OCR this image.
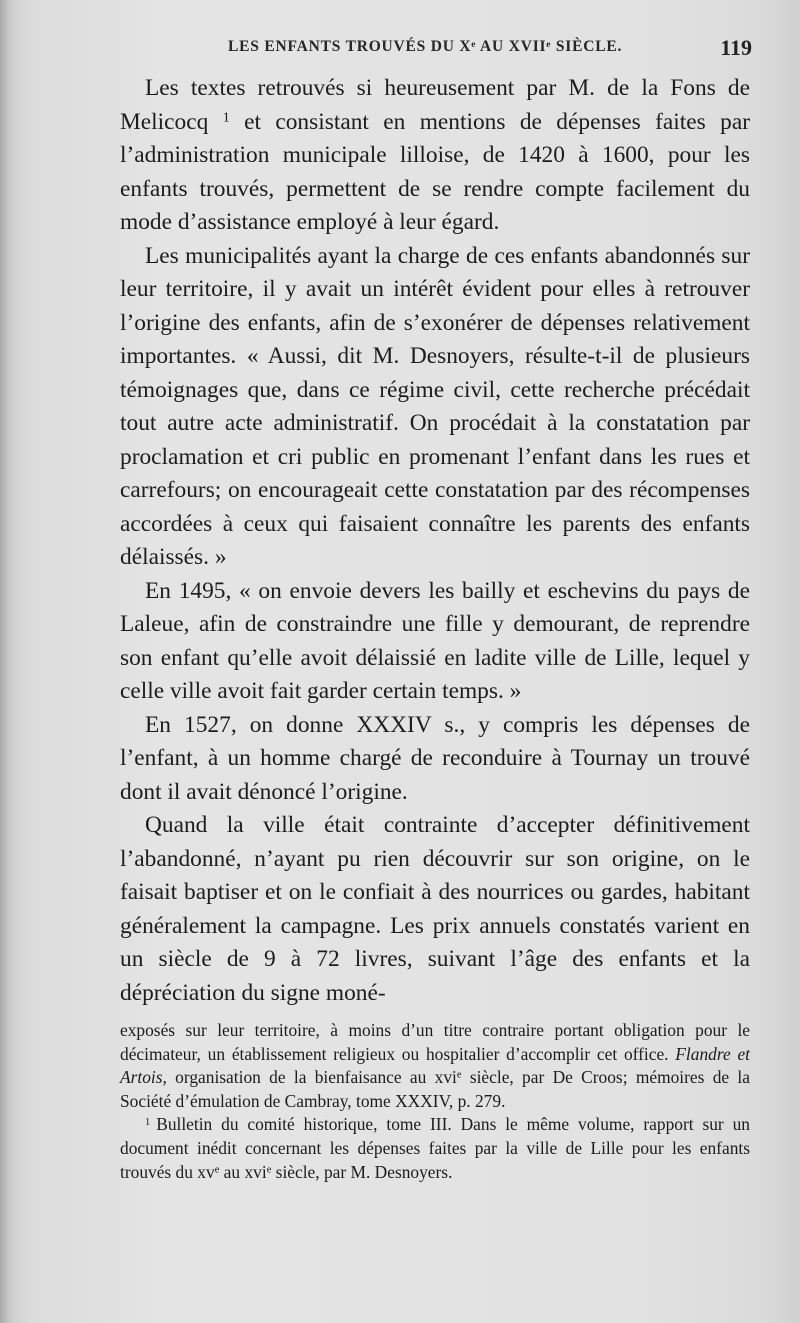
LES ENFANTS TROUVÉS DU Xᵉ AU XVIIᵉ SIÈCLE.	119

Les textes retrouvés si heureusement par M. de la Fons de Melicocq $^1$ et consistant en mentions de dépenses faites par l’administration municipale lilloise, de 1420 à 1600, pour les enfants trouvés, permettent de se rendre compte facilement du mode d’assistance employé à leur égard.

Les municipalités ayant la charge de ces enfants abandonnés sur leur territoire, il y avait un intérêt évident pour elles à retrouver l’origine des enfants, afin de s’exonérer de dépenses relativement importantes. « Aussi, dit M. Desnoyers, résulte-t-il de plusieurs témoignages que, dans ce régime civil, cette recherche précédait tout autre acte administratif. On procédait à la constatation par proclamation et cri public en promenant l’enfant dans les rues et carrefours; on encourageait cette constatation par des récompenses accordées à ceux qui faisaient connaître les parents des enfants délaissés. »

En 1495, « on envoie devers les bailly et eschevins du pays de Laleue, afin de constraindre une fille y demourant, de reprendre son enfant qu’elle avoit délaissié en ladite ville de Lille, lequel y celle ville avoit fait garder certain temps. »

En 1527, on donne XXXIV s., y compris les dépenses de l’enfant, à un homme chargé de reconduire à Tournay un trouvé dont il avait dénoncé l’origine.

Quand la ville était contrainte d’accepter définitivement l’abandonné, n’ayant pu rien découvrir sur son origine, on le faisait baptiser et on le confiait à des nourrices ou gardes, habitant généralement la campagne. Les prix annuels constatés varient en un siècle de 9 à 72 livres, suivant l’âge des enfants et la dépréciation du signe moné-

exposés sur leur territoire, à moins d’un titre contraire portant obligation pour le décimateur, un établissement religieux ou hospitalier d’accomplir cet office. Flandre et Artois, organisation de la bienfaisance au xvi$^e$ siècle, par De Croos; mémoires de la Société d’émulation de Cambray, tome XXXIV, p. 279.

$^1$ Bulletin du comité historique, tome III. Dans le même volume, rapport sur un document inédit concernant les dépenses faites par la ville de Lille pour les enfants trouvés du $xv^e$ au xvi$^e$ siècle, par M. Desnoyers.
